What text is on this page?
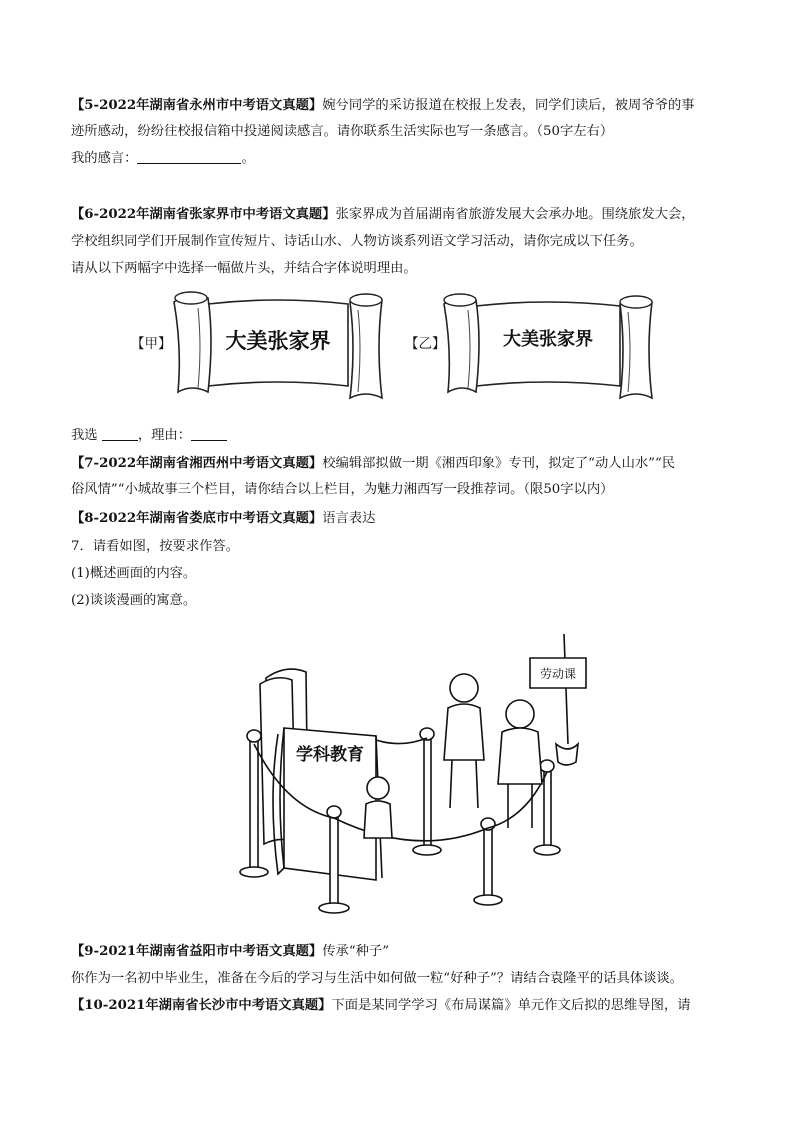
【5-2022年湖南省永州市中考语文真题】婉兮同学的采访报道在校报上发表，同学们读后，被周爷爷的事
迹所感动，纷纷往校报信箱中投递阅读感言。请你联系生活实际也写一条感言。（50字左右）
我的感言：	。
【6-2022年湖南省张家界市中考语文真题】张家界成为首届湖南省旅游发展大会承办地。围绕旅发大会，
学校组织同学们开展制作宣传短片、诗话山水、人物访谈系列语文学习活动，请你完成以下任务。
请从以下两幅字中选择一幅做片头，并结合字体说明理由。
【甲】	大美张家界	【乙】	大美张家界
我选	，理由：
【7-2022年湖南省湘西州中考语文真题】校编辑部拟做一期《湘西印象》专刊，拟定了“动人山水”“民
俗风情”“小城故事三个栏目，请你结合以上栏目，为魅力湘西写一段推荐词。（限50字以内）
【8-2022年湖南省娄底市中考语文真题】语言表达
7．请看如图，按要求作答。
(1)概述画面的内容。
(2)谈谈漫画的寓意。
学科教育
劳动课
【9-2021年湖南省益阳市中考语文真题】传承“种子”
你作为一名初中毕业生，准备在今后的学习与生活中如何做一粒“好种子”？请结合袁隆平的话具体谈谈。
【10-2021年湖南省长沙市中考语文真题】下面是某同学学习《布局谋篇》单元作文后拟的思维导图，请
